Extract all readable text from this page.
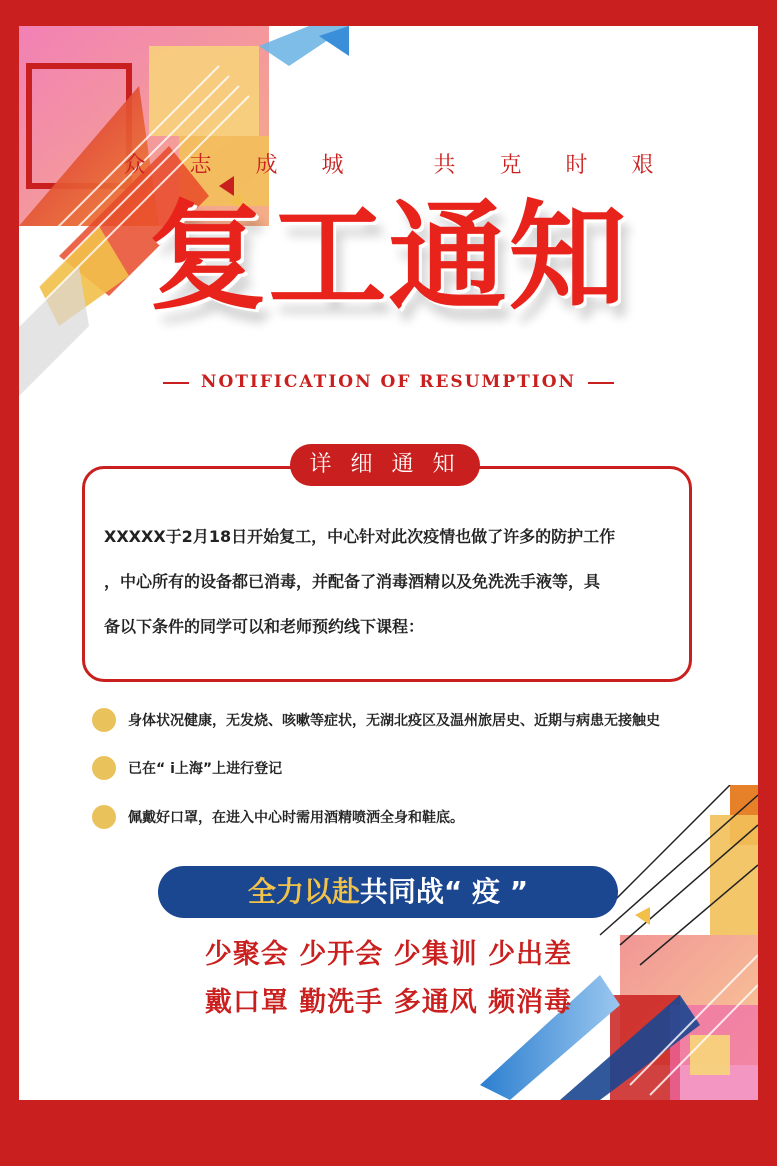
众 志 成 城	共 克 时 艰
复工通知
NOTIFICATION OF RESUMPTION
详 细 通 知

XXXXX于2月18日开始复工，中心针对此次疫情也做了许多的防护工作

，中心所有的设备都已消毒，并配备了消毒酒精以及免洗洗手液等，具

备以下条件的同学可以和老师预约线下课程：

身体状况健康，无发烧、咳嗽等症状，无湖北疫区及温州旅居史、近期与病患无接触史
已在“ i上海”上进行登记
佩戴好口罩，在进入中心时需用酒精喷洒全身和鞋底。
全力以赴共同战“ 疫 ”
少聚会 少开会 少集训 少出差
戴口罩 勤洗手 多通风 频消毒
